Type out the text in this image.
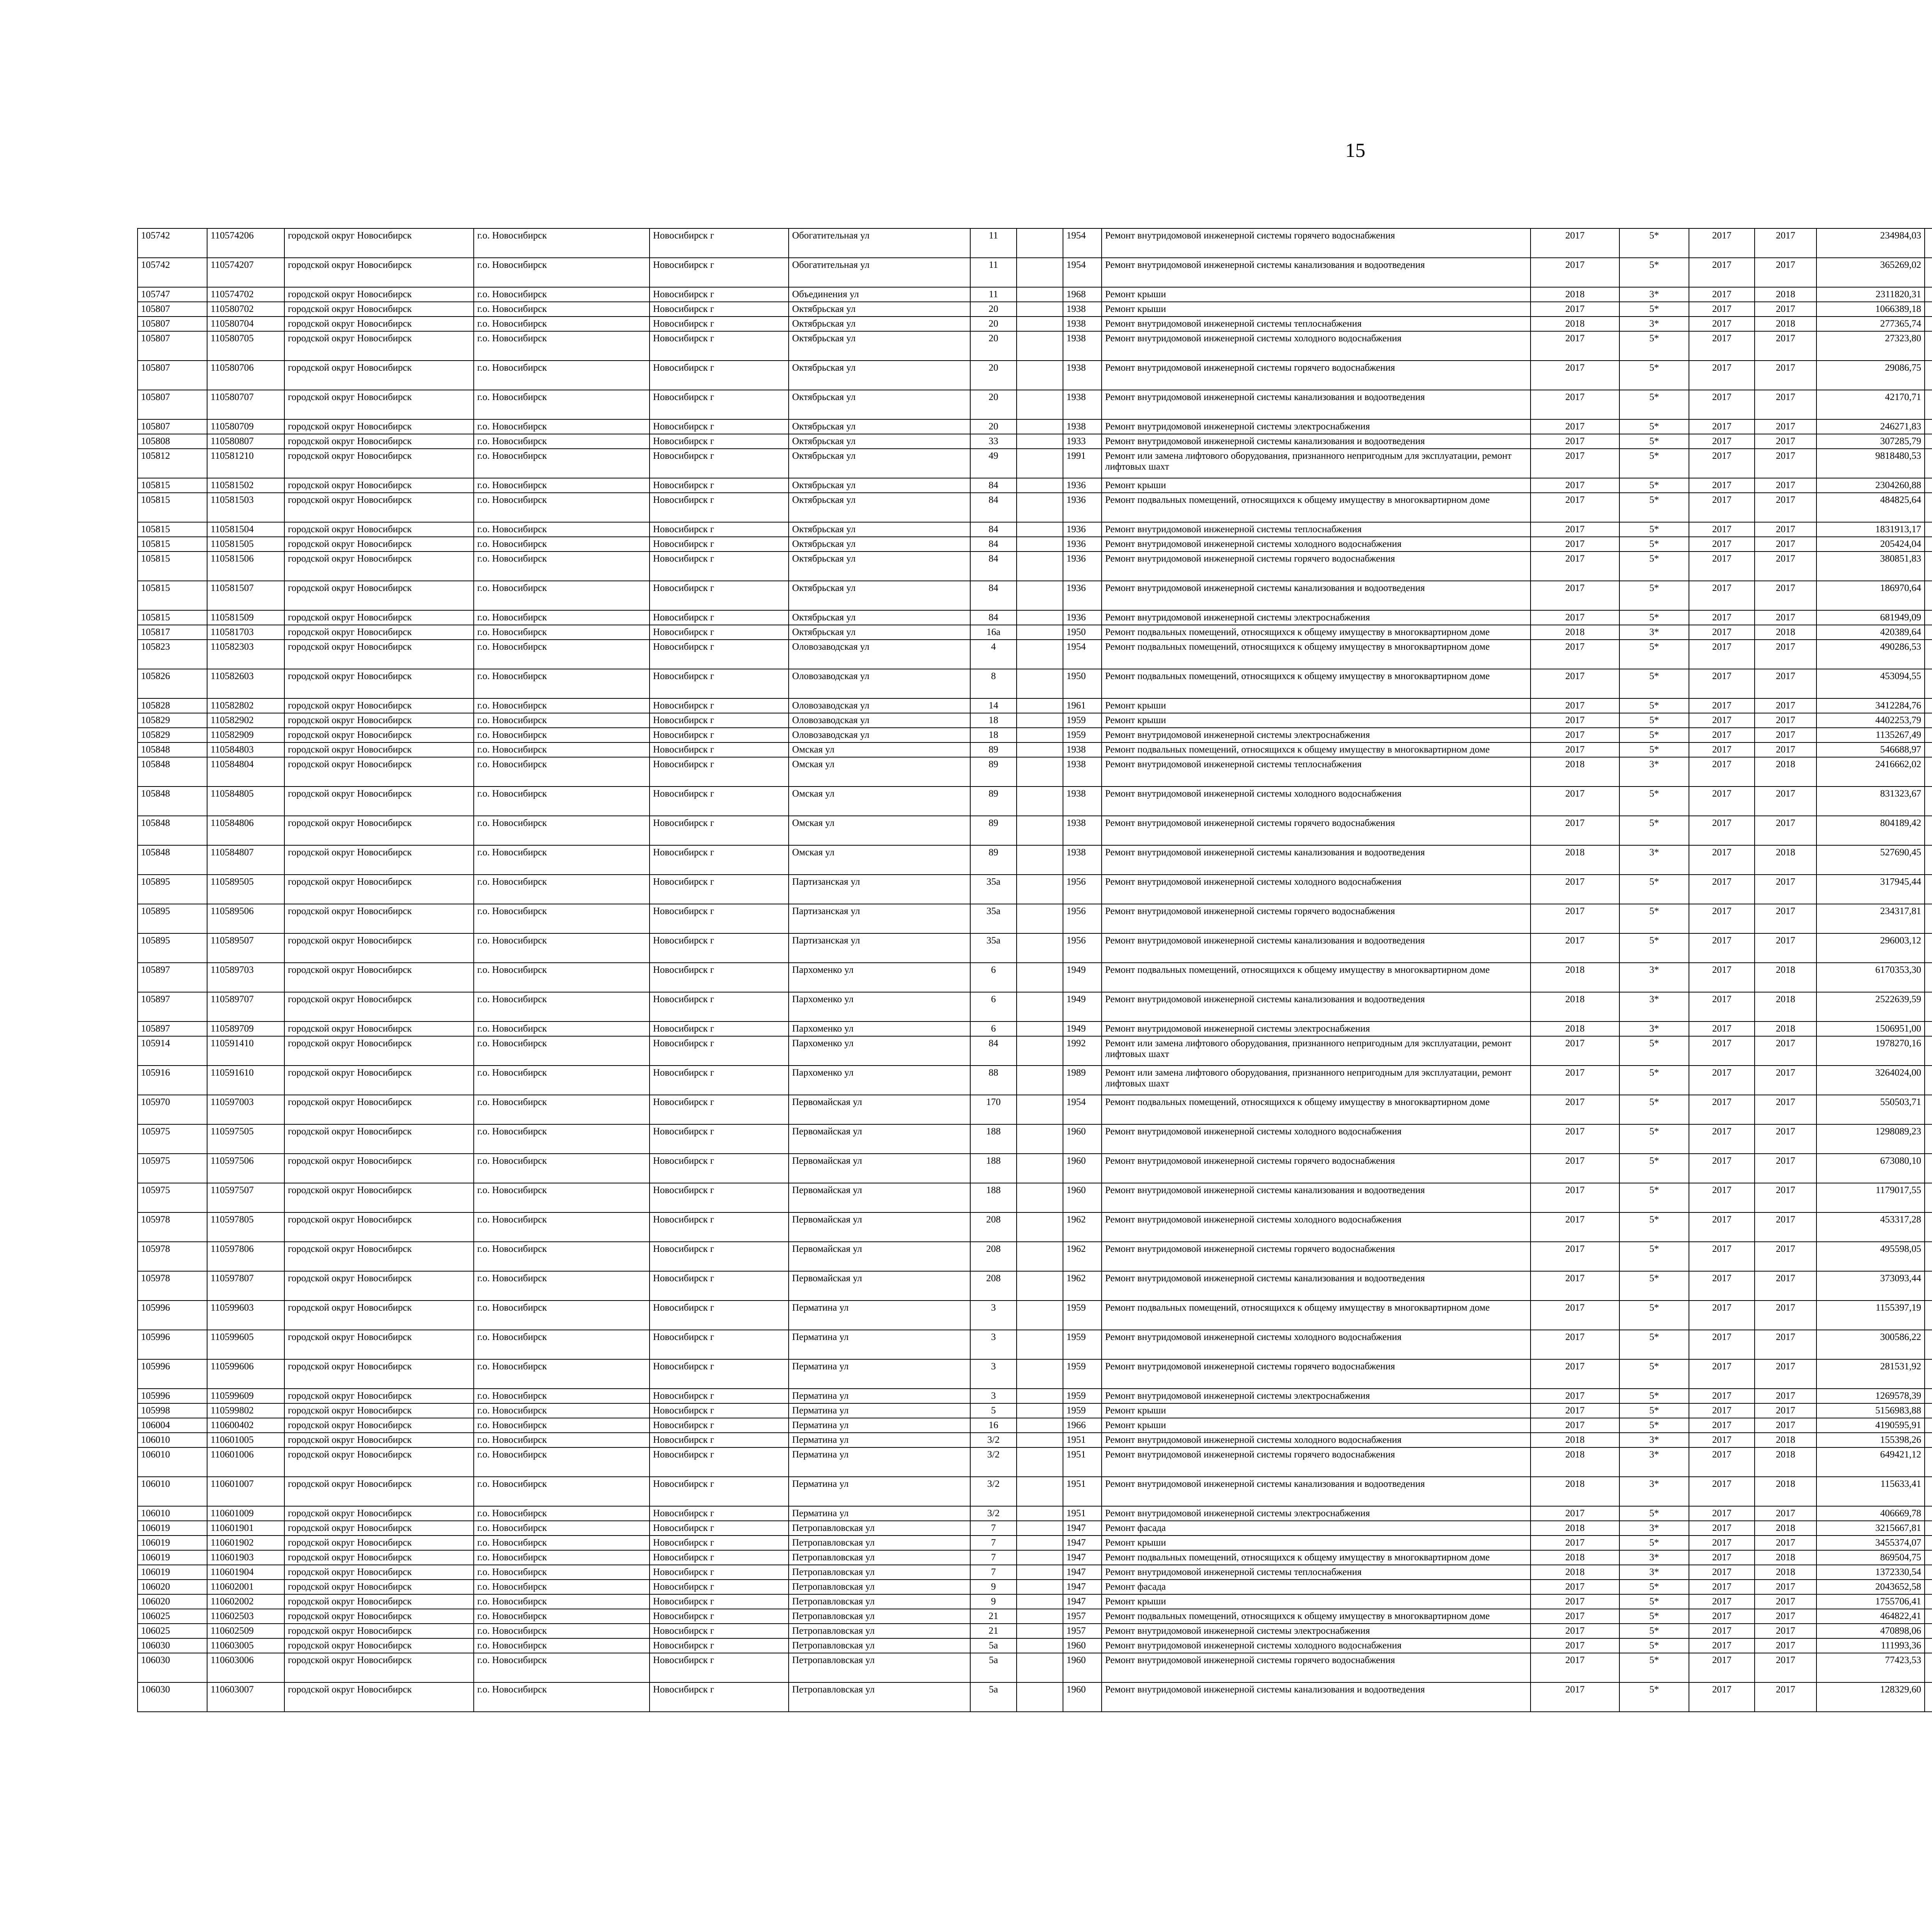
15
105742	110574206	городской округ Новосибирск	г.о. Новосибирск	Новосибирск г	Обогатительная ул	11		1954	Ремонт внутридомовой инженерной системы горячего водоснабжения	2017	5*	2017	2017	234984,03								
105742	110574207	городской округ Новосибирск	г.о. Новосибирск	Новосибирск г	Обогатительная ул	11		1954	Ремонт внутридомовой инженерной системы канализования и водоотведения	2017	5*	2017	2017	365269,02								
105747	110574702	городской округ Новосибирск	г.о. Новосибирск	Новосибирск г	Объединения ул	11		1968	Ремонт крыши	2018	3*	2017	2018	2311820,31								
105807	110580702	городской округ Новосибирск	г.о. Новосибирск	Новосибирск г	Октябрьская ул	20		1938	Ремонт крыши	2017	5*	2017	2017	1066389,18								
105807	110580704	городской округ Новосибирск	г.о. Новосибирск	Новосибирск г	Октябрьская ул	20		1938	Ремонт внутридомовой инженерной системы теплоснабжения	2018	3*	2017	2018	277365,74								
105807	110580705	городской округ Новосибирск	г.о. Новосибирск	Новосибирск г	Октябрьская ул	20		1938	Ремонт внутридомовой инженерной системы холодного водоснабжения	2017	5*	2017	2017	27323,80								
105807	110580706	городской округ Новосибирск	г.о. Новосибирск	Новосибирск г	Октябрьская ул	20		1938	Ремонт внутридомовой инженерной системы горячего водоснабжения	2017	5*	2017	2017	29086,75								
105807	110580707	городской округ Новосибирск	г.о. Новосибирск	Новосибирск г	Октябрьская ул	20		1938	Ремонт внутридомовой инженерной системы канализования и водоотведения	2017	5*	2017	2017	42170,71								
105807	110580709	городской округ Новосибирск	г.о. Новосибирск	Новосибирск г	Октябрьская ул	20		1938	Ремонт внутридомовой инженерной системы электроснабжения	2017	5*	2017	2017	246271,83								
105808	110580807	городской округ Новосибирск	г.о. Новосибирск	Новосибирск г	Октябрьская ул	33		1933	Ремонт внутридомовой инженерной системы канализования и водоотведения	2017	5*	2017	2017	307285,79								
105812	110581210	городской округ Новосибирск	г.о. Новосибирск	Новосибирск г	Октябрьская ул	49		1991	Ремонт или замена лифтового оборудования, признанного непригодным для эксплуатации, ремонт лифтовых шахт	2017	5*	2017	2017	9818480,53								
105815	110581502	городской округ Новосибирск	г.о. Новосибирск	Новосибирск г	Октябрьская ул	84		1936	Ремонт крыши	2017	5*	2017	2017	2304260,88								
105815	110581503	городской округ Новосибирск	г.о. Новосибирск	Новосибирск г	Октябрьская ул	84		1936	Ремонт подвальных помещений, относящихся к общему имуществу в многоквартирном доме	2017	5*	2017	2017	484825,64								
105815	110581504	городской округ Новосибирск	г.о. Новосибирск	Новосибирск г	Октябрьская ул	84		1936	Ремонт внутридомовой инженерной системы теплоснабжения	2017	5*	2017	2017	1831913,17								
105815	110581505	городской округ Новосибирск	г.о. Новосибирск	Новосибирск г	Октябрьская ул	84		1936	Ремонт внутридомовой инженерной системы холодного водоснабжения	2017	5*	2017	2017	205424,04								
105815	110581506	городской округ Новосибирск	г.о. Новосибирск	Новосибирск г	Октябрьская ул	84		1936	Ремонт внутридомовой инженерной системы горячего водоснабжения	2017	5*	2017	2017	380851,83								
105815	110581507	городской округ Новосибирск	г.о. Новосибирск	Новосибирск г	Октябрьская ул	84		1936	Ремонт внутридомовой инженерной системы канализования и водоотведения	2017	5*	2017	2017	186970,64								
105815	110581509	городской округ Новосибирск	г.о. Новосибирск	Новосибирск г	Октябрьская ул	84		1936	Ремонт внутридомовой инженерной системы электроснабжения	2017	5*	2017	2017	681949,09								
105817	110581703	городской округ Новосибирск	г.о. Новосибирск	Новосибирск г	Октябрьская ул	16а		1950	Ремонт подвальных помещений, относящихся к общему имуществу в многоквартирном доме	2018	3*	2017	2018	420389,64								
105823	110582303	городской округ Новосибирск	г.о. Новосибирск	Новосибирск г	Оловозаводская ул	4		1954	Ремонт подвальных помещений, относящихся к общему имуществу в многоквартирном доме	2017	5*	2017	2017	490286,53								
105826	110582603	городской округ Новосибирск	г.о. Новосибирск	Новосибирск г	Оловозаводская ул	8		1950	Ремонт подвальных помещений, относящихся к общему имуществу в многоквартирном доме	2017	5*	2017	2017	453094,55								
105828	110582802	городской округ Новосибирск	г.о. Новосибирск	Новосибирск г	Оловозаводская ул	14		1961	Ремонт крыши	2017	5*	2017	2017	3412284,76								
105829	110582902	городской округ Новосибирск	г.о. Новосибирск	Новосибирск г	Оловозаводская ул	18		1959	Ремонт крыши	2017	5*	2017	2017	4402253,79								
105829	110582909	городской округ Новосибирск	г.о. Новосибирск	Новосибирск г	Оловозаводская ул	18		1959	Ремонт внутридомовой инженерной системы электроснабжения	2017	5*	2017	2017	1135267,49								
105848	110584803	городской округ Новосибирск	г.о. Новосибирск	Новосибирск г	Омская ул	89		1938	Ремонт подвальных помещений, относящихся к общему имуществу в многоквартирном доме	2017	5*	2017	2017	546688,97								
105848	110584804	городской округ Новосибирск	г.о. Новосибирск	Новосибирск г	Омская ул	89		1938	Ремонт внутридомовой инженерной системы теплоснабжения	2018	3*	2017	2018	2416662,02								
105848	110584805	городской округ Новосибирск	г.о. Новосибирск	Новосибирск г	Омская ул	89		1938	Ремонт внутридомовой инженерной системы холодного водоснабжения	2017	5*	2017	2017	831323,67								
105848	110584806	городской округ Новосибирск	г.о. Новосибирск	Новосибирск г	Омская ул	89		1938	Ремонт внутридомовой инженерной системы горячего водоснабжения	2017	5*	2017	2017	804189,42								
105848	110584807	городской округ Новосибирск	г.о. Новосибирск	Новосибирск г	Омская ул	89		1938	Ремонт внутридомовой инженерной системы канализования и водоотведения	2018	3*	2017	2018	527690,45								
105895	110589505	городской округ Новосибирск	г.о. Новосибирск	Новосибирск г	Партизанская ул	35а		1956	Ремонт внутридомовой инженерной системы холодного водоснабжения	2017	5*	2017	2017	317945,44								
105895	110589506	городской округ Новосибирск	г.о. Новосибирск	Новосибирск г	Партизанская ул	35а		1956	Ремонт внутридомовой инженерной системы горячего водоснабжения	2017	5*	2017	2017	234317,81								
105895	110589507	городской округ Новосибирск	г.о. Новосибирск	Новосибирск г	Партизанская ул	35а		1956	Ремонт внутридомовой инженерной системы канализования и водоотведения	2017	5*	2017	2017	296003,12								
105897	110589703	городской округ Новосибирск	г.о. Новосибирск	Новосибирск г	Пархоменко ул	6		1949	Ремонт подвальных помещений, относящихся к общему имуществу в многоквартирном доме	2018	3*	2017	2018	6170353,30								
105897	110589707	городской округ Новосибирск	г.о. Новосибирск	Новосибирск г	Пархоменко ул	6		1949	Ремонт внутридомовой инженерной системы канализования и водоотведения	2018	3*	2017	2018	2522639,59								
105897	110589709	городской округ Новосибирск	г.о. Новосибирск	Новосибирск г	Пархоменко ул	6		1949	Ремонт внутридомовой инженерной системы электроснабжения	2018	3*	2017	2018	1506951,00								
105914	110591410	городской округ Новосибирск	г.о. Новосибирск	Новосибирск г	Пархоменко ул	84		1992	Ремонт или замена лифтового оборудования, признанного непригодным для эксплуатации, ремонт лифтовых шахт	2017	5*	2017	2017	1978270,16								
105916	110591610	городской округ Новосибирск	г.о. Новосибирск	Новосибирск г	Пархоменко ул	88		1989	Ремонт или замена лифтового оборудования, признанного непригодным для эксплуатации, ремонт лифтовых шахт	2017	5*	2017	2017	3264024,00								
105970	110597003	городской округ Новосибирск	г.о. Новосибирск	Новосибирск г	Первомайская ул	170		1954	Ремонт подвальных помещений, относящихся к общему имуществу в многоквартирном доме	2017	5*	2017	2017	550503,71								
105975	110597505	городской округ Новосибирск	г.о. Новосибирск	Новосибирск г	Первомайская ул	188		1960	Ремонт внутридомовой инженерной системы холодного водоснабжения	2017	5*	2017	2017	1298089,23								
105975	110597506	городской округ Новосибирск	г.о. Новосибирск	Новосибирск г	Первомайская ул	188		1960	Ремонт внутридомовой инженерной системы горячего водоснабжения	2017	5*	2017	2017	673080,10								
105975	110597507	городской округ Новосибирск	г.о. Новосибирск	Новосибирск г	Первомайская ул	188		1960	Ремонт внутридомовой инженерной системы канализования и водоотведения	2017	5*	2017	2017	1179017,55								
105978	110597805	городской округ Новосибирск	г.о. Новосибирск	Новосибирск г	Первомайская ул	208		1962	Ремонт внутридомовой инженерной системы холодного водоснабжения	2017	5*	2017	2017	453317,28								
105978	110597806	городской округ Новосибирск	г.о. Новосибирск	Новосибирск г	Первомайская ул	208		1962	Ремонт внутридомовой инженерной системы горячего водоснабжения	2017	5*	2017	2017	495598,05								
105978	110597807	городской округ Новосибирск	г.о. Новосибирск	Новосибирск г	Первомайская ул	208		1962	Ремонт внутридомовой инженерной системы канализования и водоотведения	2017	5*	2017	2017	373093,44								
105996	110599603	городской округ Новосибирск	г.о. Новосибирск	Новосибирск г	Перматина ул	3		1959	Ремонт подвальных помещений, относящихся к общему имуществу в многоквартирном доме	2017	5*	2017	2017	1155397,19								
105996	110599605	городской округ Новосибирск	г.о. Новосибирск	Новосибирск г	Перматина ул	3		1959	Ремонт внутридомовой инженерной системы холодного водоснабжения	2017	5*	2017	2017	300586,22								
105996	110599606	городской округ Новосибирск	г.о. Новосибирск	Новосибирск г	Перматина ул	3		1959	Ремонт внутридомовой инженерной системы горячего водоснабжения	2017	5*	2017	2017	281531,92								
105996	110599609	городской округ Новосибирск	г.о. Новосибирск	Новосибирск г	Перматина ул	3		1959	Ремонт внутридомовой инженерной системы электроснабжения	2017	5*	2017	2017	1269578,39								
105998	110599802	городской округ Новосибирск	г.о. Новосибирск	Новосибирск г	Перматина ул	5		1959	Ремонт крыши	2017	5*	2017	2017	5156983,88								
106004	110600402	городской округ Новосибирск	г.о. Новосибирск	Новосибирск г	Перматина ул	16		1966	Ремонт крыши	2017	5*	2017	2017	4190595,91								
106010	110601005	городской округ Новосибирск	г.о. Новосибирск	Новосибирск г	Перматина ул	3/2		1951	Ремонт внутридомовой инженерной системы холодного водоснабжения	2018	3*	2017	2018	155398,26								
106010	110601006	городской округ Новосибирск	г.о. Новосибирск	Новосибирск г	Перматина ул	3/2		1951	Ремонт внутридомовой инженерной системы горячего водоснабжения	2018	3*	2017	2018	649421,12								
106010	110601007	городской округ Новосибирск	г.о. Новосибирск	Новосибирск г	Перматина ул	3/2		1951	Ремонт внутридомовой инженерной системы канализования и водоотведения	2018	3*	2017	2018	115633,41								
106010	110601009	городской округ Новосибирск	г.о. Новосибирск	Новосибирск г	Перматина ул	3/2		1951	Ремонт внутридомовой инженерной системы электроснабжения	2017	5*	2017	2017	406669,78								
106019	110601901	городской округ Новосибирск	г.о. Новосибирск	Новосибирск г	Петропавловская ул	7		1947	Ремонт фасада	2018	3*	2017	2018	3215667,81								
106019	110601902	городской округ Новосибирск	г.о. Новосибирск	Новосибирск г	Петропавловская ул	7		1947	Ремонт крыши	2017	5*	2017	2017	3455374,07								
106019	110601903	городской округ Новосибирск	г.о. Новосибирск	Новосибирск г	Петропавловская ул	7		1947	Ремонт подвальных помещений, относящихся к общему имуществу в многоквартирном доме	2018	3*	2017	2018	869504,75								
106019	110601904	городской округ Новосибирск	г.о. Новосибирск	Новосибирск г	Петропавловская ул	7		1947	Ремонт внутридомовой инженерной системы теплоснабжения	2018	3*	2017	2018	1372330,54								
106020	110602001	городской округ Новосибирск	г.о. Новосибирск	Новосибирск г	Петропавловская ул	9		1947	Ремонт фасада	2017	5*	2017	2017	2043652,58								
106020	110602002	городской округ Новосибирск	г.о. Новосибирск	Новосибирск г	Петропавловская ул	9		1947	Ремонт крыши	2017	5*	2017	2017	1755706,41								
106025	110602503	городской округ Новосибирск	г.о. Новосибирск	Новосибирск г	Петропавловская ул	21		1957	Ремонт подвальных помещений, относящихся к общему имуществу в многоквартирном доме	2017	5*	2017	2017	464822,41								
106025	110602509	городской округ Новосибирск	г.о. Новосибирск	Новосибирск г	Петропавловская ул	21		1957	Ремонт внутридомовой инженерной системы электроснабжения	2017	5*	2017	2017	470898,06								
106030	110603005	городской округ Новосибирск	г.о. Новосибирск	Новосибирск г	Петропавловская ул	5а		1960	Ремонт внутридомовой инженерной системы холодного водоснабжения	2017	5*	2017	2017	111993,36								
106030	110603006	городской округ Новосибирск	г.о. Новосибирск	Новосибирск г	Петропавловская ул	5а		1960	Ремонт внутридомовой инженерной системы горячего водоснабжения	2017	5*	2017	2017	77423,53								
106030	110603007	городской округ Новосибирск	г.о. Новосибирск	Новосибирск г	Петропавловская ул	5а		1960	Ремонт внутридомовой инженерной системы канализования и водоотведения	2017	5*	2017	2017	128329,60								
